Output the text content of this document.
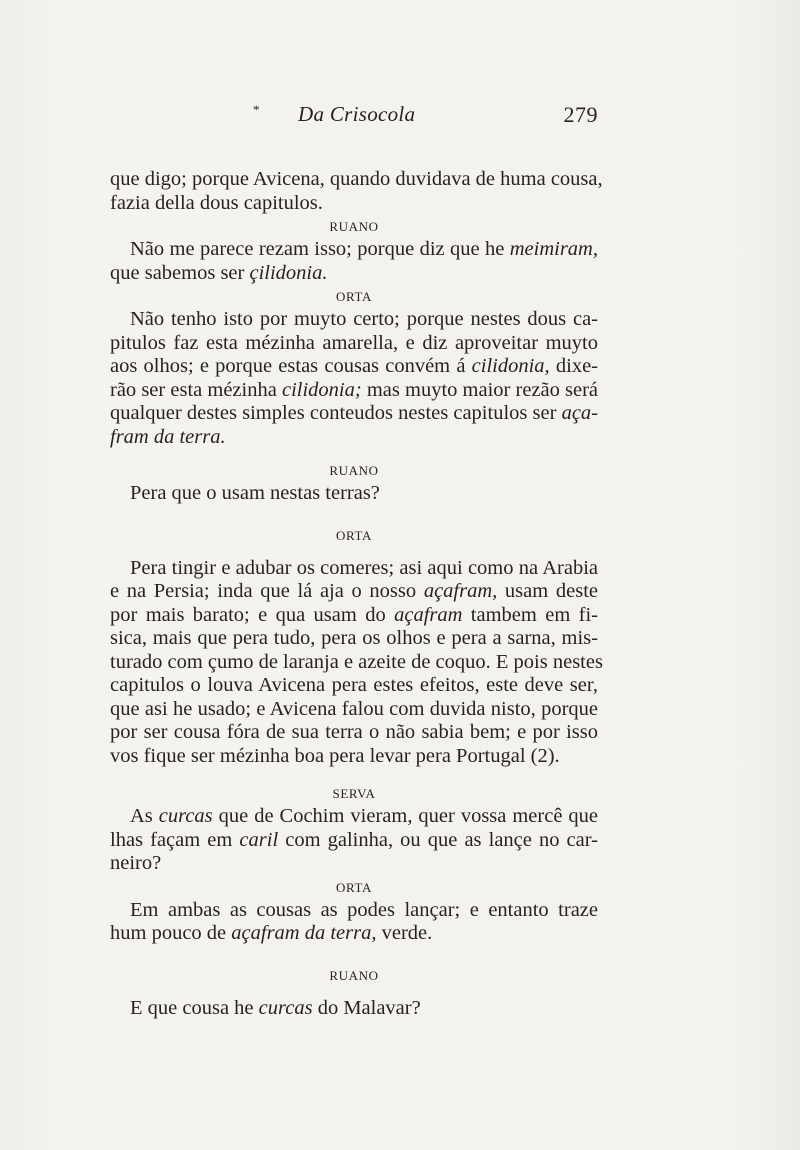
* Da Crisocola	279
que digo; porque Avicena, quando duvidava de huma cousa,
fazia della dous capitulos.
RUANO
Não me parece rezam isso; porque diz que he meimiram,
que sabemos ser çilidonia.
ORTA
Não tenho isto por muyto certo; porque nestes dous ca-
pitulos faz esta mézinha amarella, e diz aproveitar muyto
aos olhos; e porque estas cousas convém á cilidonia, dixe-
rão ser esta mézinha cilidonia; mas muyto maior rezão será
qualquer destes simples conteudos nestes capitulos ser aça-
fram da terra.
RUANO
Pera que o usam nestas terras?
ORTA
Pera tingir e adubar os comeres; asi aqui como na Arabia
e na Persia; inda que lá aja o nosso açafram, usam deste
por mais barato; e qua usam do açafram tambem em fi-
sica, mais que pera tudo, pera os olhos e pera a sarna, mis-
turado com çumo de laranja e azeite de coquo. E pois nestes
capitulos o louva Avicena pera estes efeitos, este deve ser,
que asi he usado; e Avicena falou com duvida nisto, porque
por ser cousa fóra de sua terra o não sabia bem; e por isso
vos fique ser mézinha boa pera levar pera Portugal (2).
SERVA
As curcas que de Cochim vieram, quer vossa mercê que
lhas façam em caril com galinha, ou que as lançe no car-
neiro?
ORTA
Em ambas as cousas as podes lançar; e entanto traze
hum pouco de açafram da terra, verde.
RUANO
E que cousa he curcas do Malavar?
